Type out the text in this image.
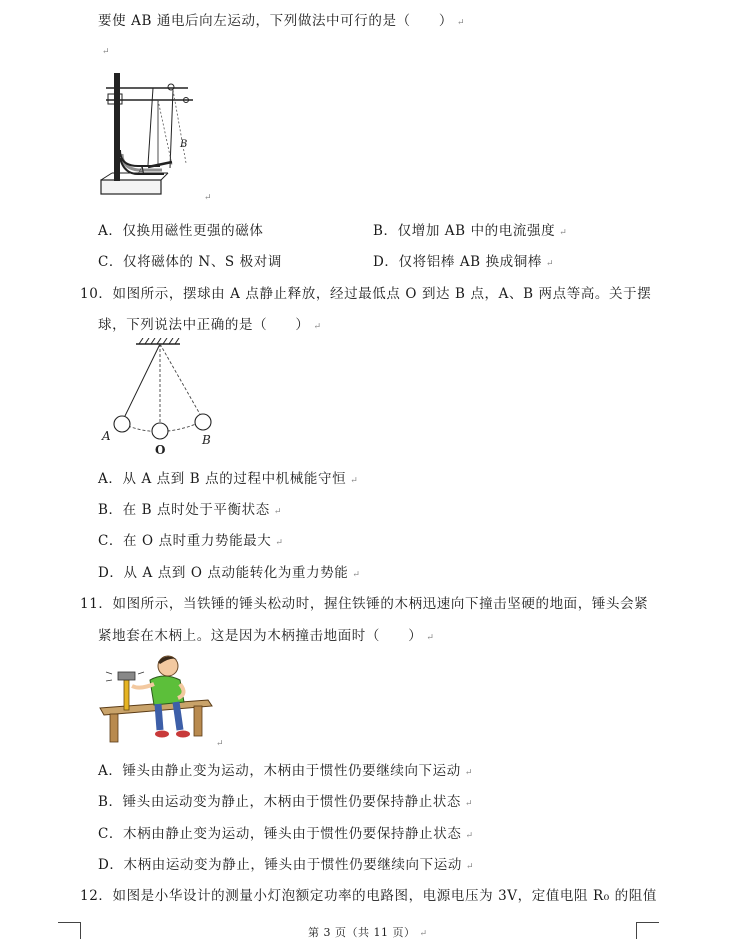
要使 AB 通电后向左运动，下列做法中可行的是（　　） ↵
↵
B
A
↵
A．仅换用磁性更强的磁体	B．仅增加 AB 中的电流强度 ↵
C．仅将磁体的 N、S 极对调	D．仅将铝棒 AB 换成铜棒 ↵
10．如图所示，摆球由 A 点静止释放，经过最低点 O 到达 B 点，A、B 两点等高。关于摆
球，下列说法中正确的是（　　） ↵
A
O
B
A．从 A 点到 B 点的过程中机械能守恒 ↵
B．在 B 点时处于平衡状态 ↵
C．在 O 点时重力势能最大 ↵
D．从 A 点到 O 点动能转化为重力势能 ↵
11．如图所示，当铁锤的锤头松动时，握住铁锤的木柄迅速向下撞击坚硬的地面，锤头会紧
紧地套在木柄上。这是因为木柄撞击地面时（　　） ↵
↵
A．锤头由静止变为运动，木柄由于惯性仍要继续向下运动 ↵
B．锤头由运动变为静止，木柄由于惯性仍要保持静止状态 ↵
C．木柄由静止变为运动，锤头由于惯性仍要保持静止状态 ↵
D．木柄由运动变为静止，锤头由于惯性仍要继续向下运动 ↵
12．如图是小华设计的测量小灯泡额定功率的电路图，电源电压为 3V，定值电阻 R₀ 的阻值
第 3 页（共 11 页） ↵
